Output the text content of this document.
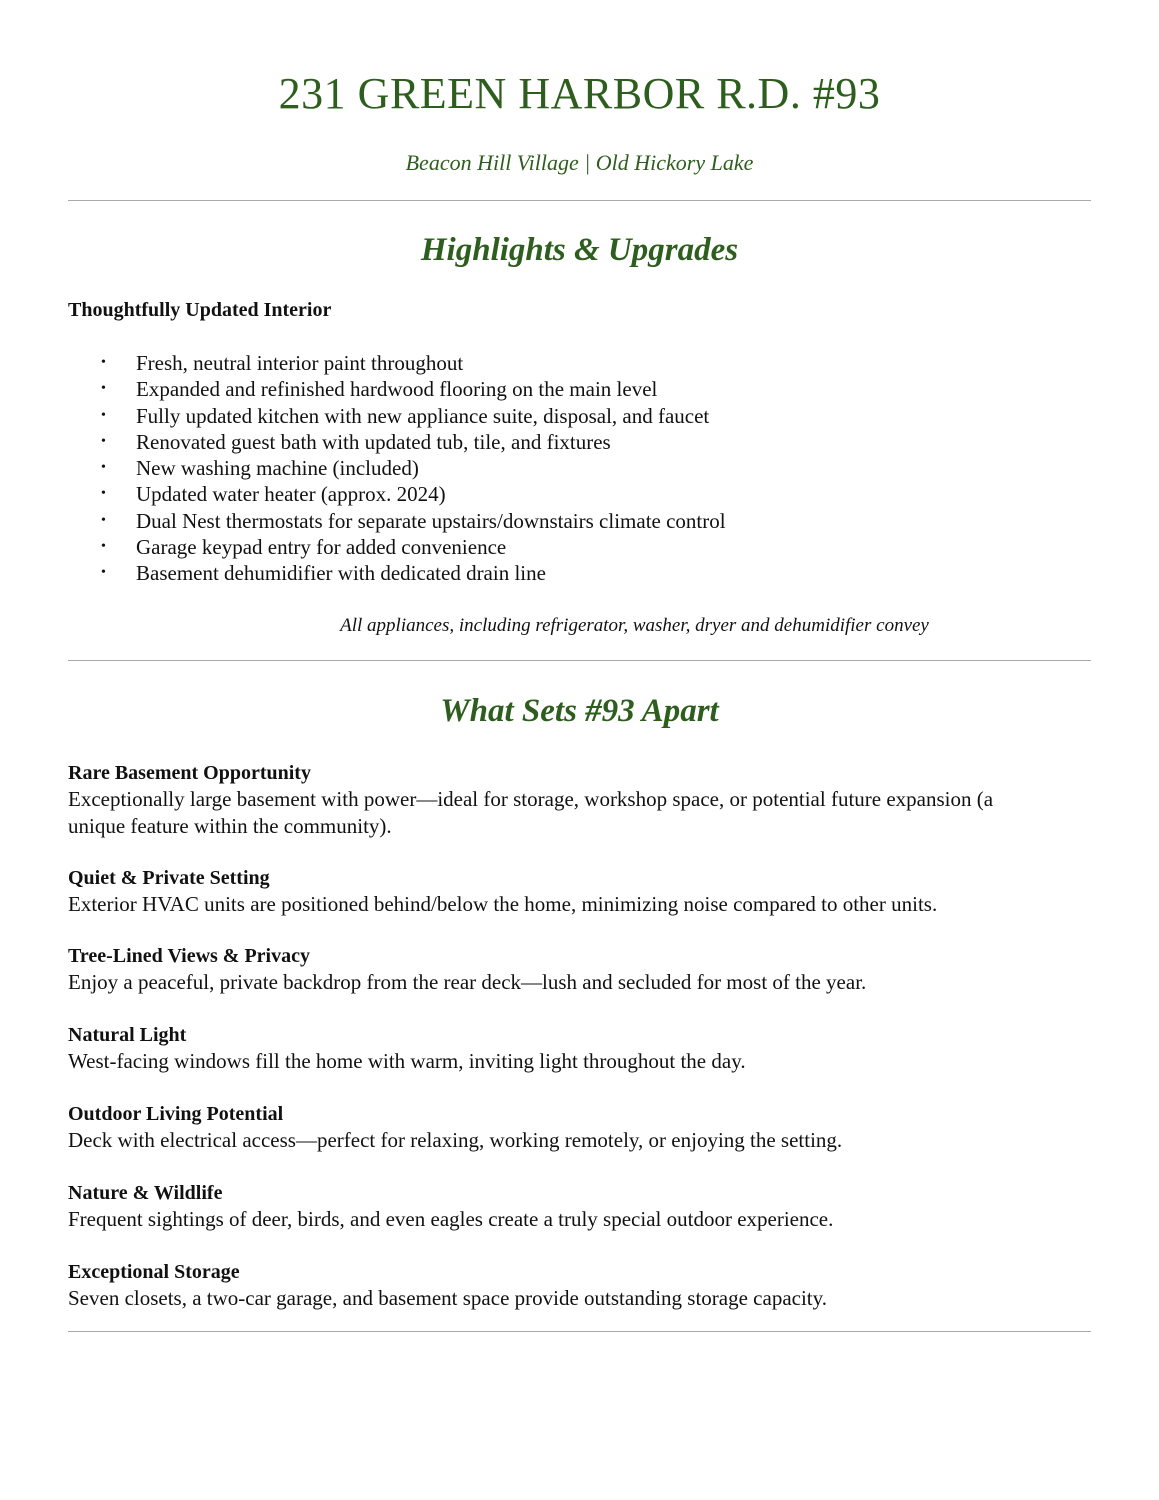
231 GREEN HARBOR R.D. #93
Beacon Hill Village | Old Hickory Lake
Highlights & Upgrades
Thoughtfully Updated Interior
• Fresh, neutral interior paint throughout
• Expanded and refinished hardwood flooring on the main level
• Fully updated kitchen with new appliance suite, disposal, and faucet
• Renovated guest bath with updated tub, tile, and fixtures
• New washing machine (included)
• Updated water heater (approx. 2024)
• Dual Nest thermostats for separate upstairs/downstairs climate control
• Garage keypad entry for added convenience
• Basement dehumidifier with dedicated drain line
All appliances, including refrigerator, washer, dryer and dehumidifier convey
What Sets #93 Apart
Rare Basement Opportunity
Exceptionally large basement with power—ideal for storage, workshop space, or potential future expansion (a unique feature within the community).
Quiet & Private Setting
Exterior HVAC units are positioned behind/below the home, minimizing noise compared to other units.
Tree-Lined Views & Privacy
Enjoy a peaceful, private backdrop from the rear deck—lush and secluded for most of the year.
Natural Light
West-facing windows fill the home with warm, inviting light throughout the day.
Outdoor Living Potential
Deck with electrical access—perfect for relaxing, working remotely, or enjoying the setting.
Nature & Wildlife
Frequent sightings of deer, birds, and even eagles create a truly special outdoor experience.
Exceptional Storage
Seven closets, a two-car garage, and basement space provide outstanding storage capacity.
